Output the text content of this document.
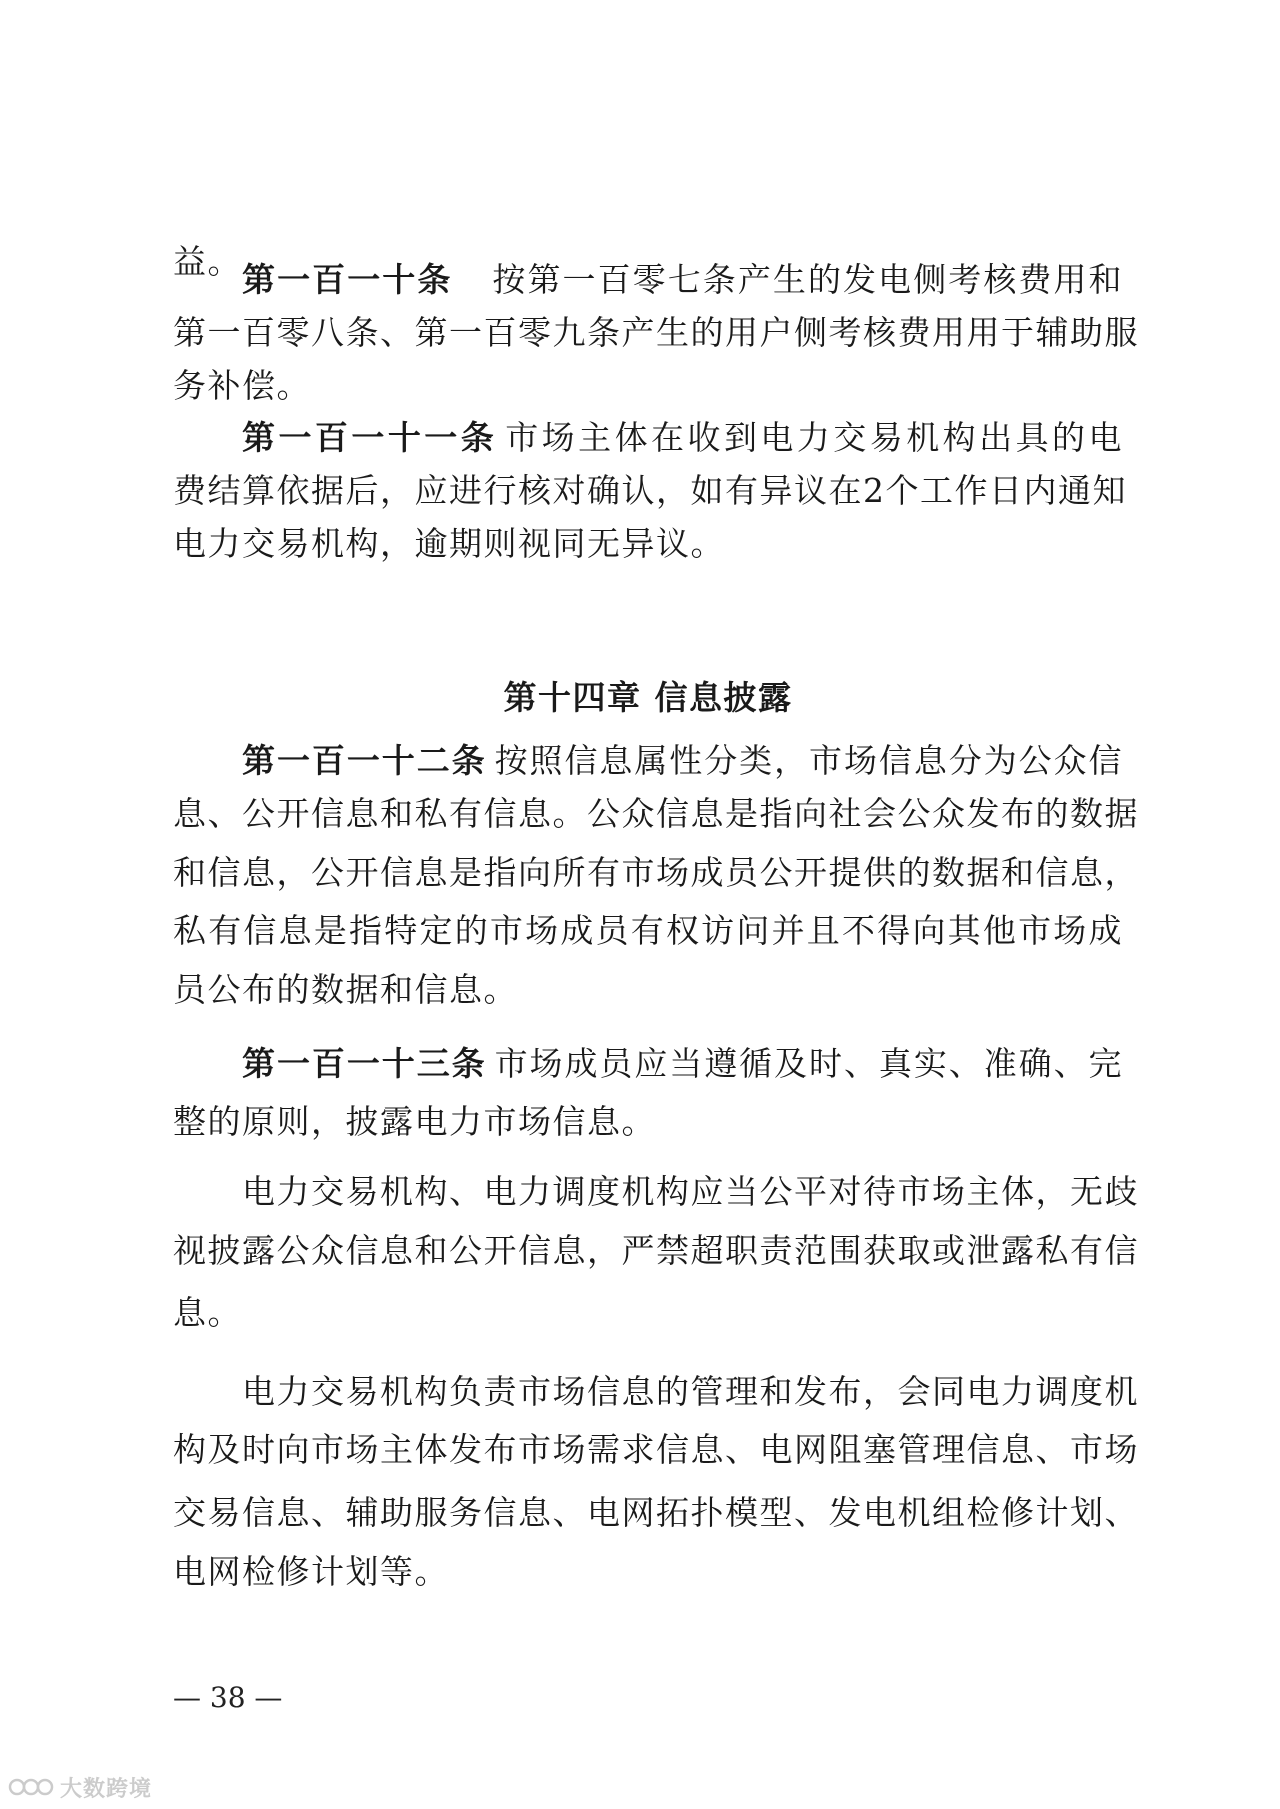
益。 第一百一十条 按第一百零七条产生的发电侧考核费用和
第一百零八条、第一百零九条产生的用户侧考核费用用于辅助服
务补偿。
第一百一十一条 市场主体在收到电力交易机构出具的电
费结算依据后，应进行核对确认，如有异议在2个工作日内通知
电力交易机构，逾期则视同无异议。
第十四章 信息披露
第一百一十二条 按照信息属性分类，市场信息分为公众信
息、公开信息和私有信息。公众信息是指向社会公众发布的数据
和信息，公开信息是指向所有市场成员公开提供的数据和信息，
私有信息是指特定的市场成员有权访问并且不得向其他市场成
员公布的数据和信息。
第一百一十三条 市场成员应当遵循及时、真实、准确、完
整的原则，披露电力市场信息。
电力交易机构、电力调度机构应当公平对待市场主体，无歧
视披露公众信息和公开信息，严禁超职责范围获取或泄露私有信
息。
电力交易机构负责市场信息的管理和发布，会同电力调度机
构及时向市场主体发布市场需求信息、电网阻塞管理信息、市场
交易信息、辅助服务信息、电网拓扑模型、发电机组检修计划、
电网检修计划等。
— 38 —
大数跨境
